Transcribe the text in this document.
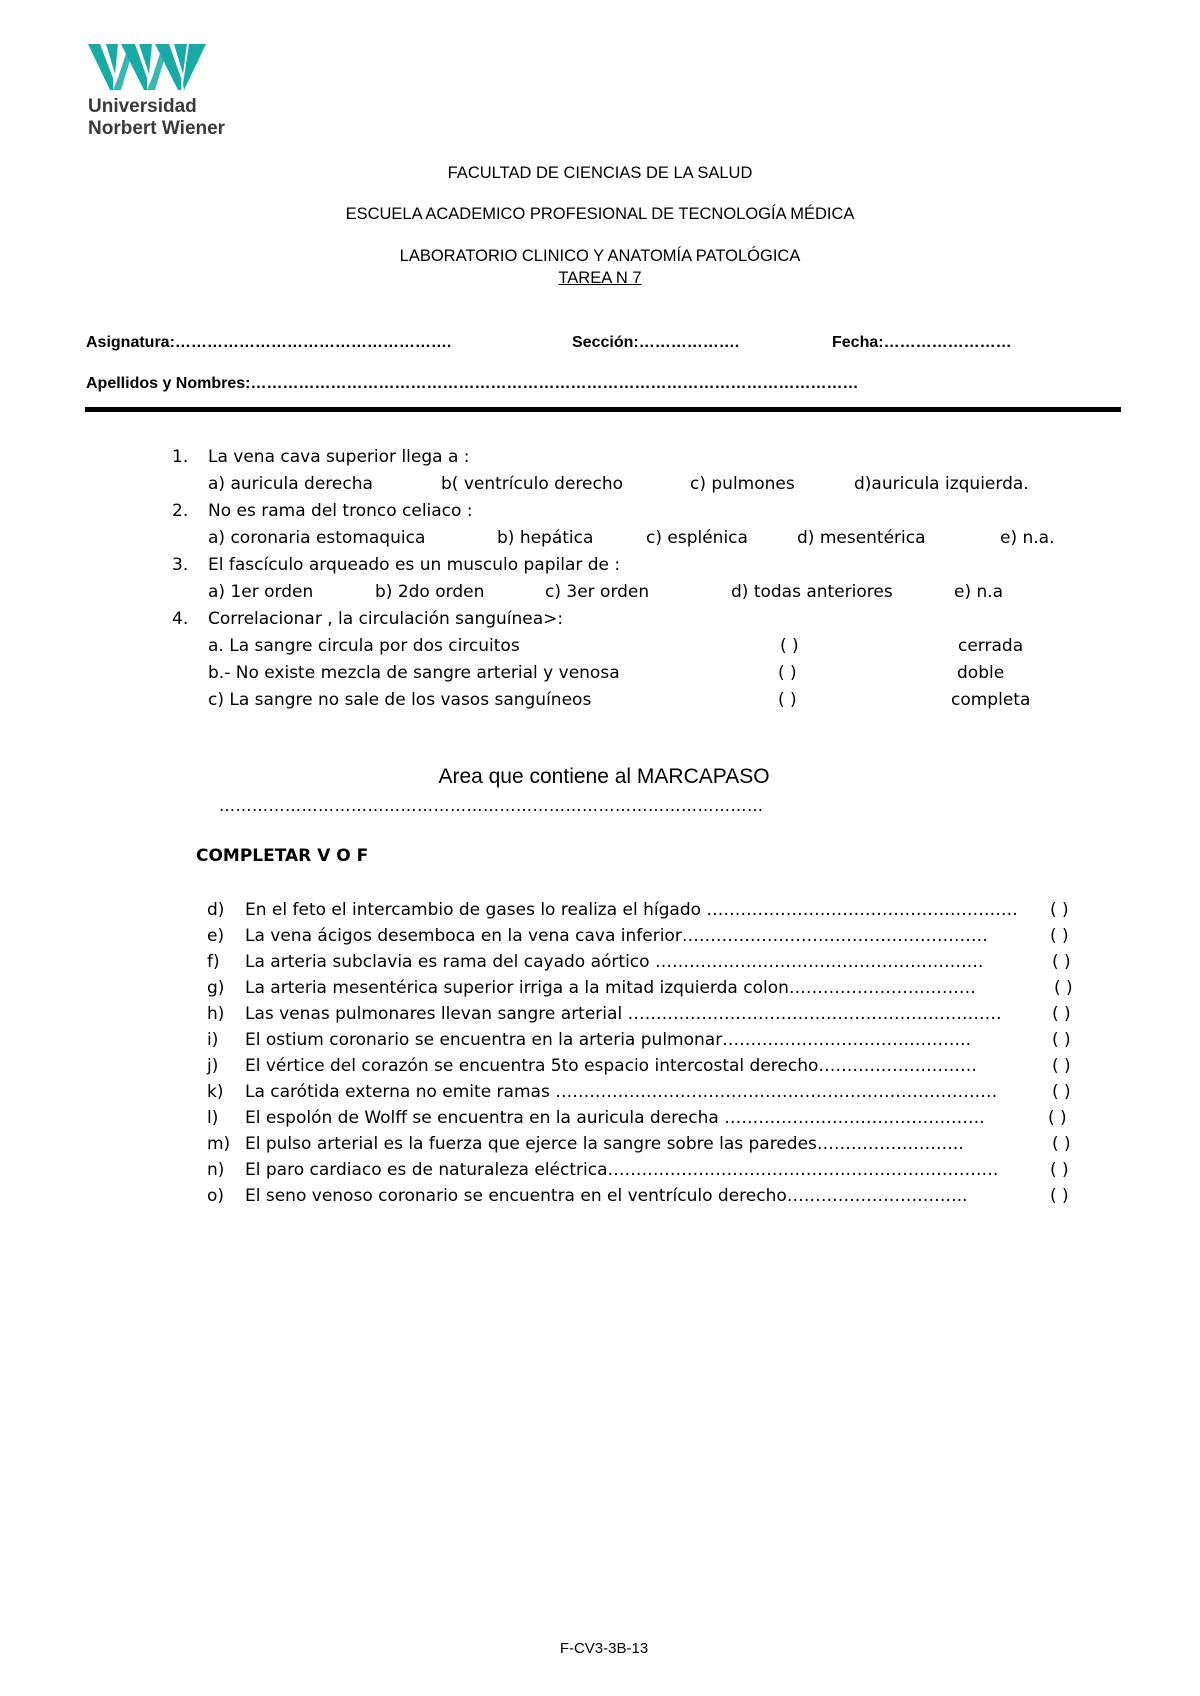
Universidad
Norbert Wiener
FACULTAD DE CIENCIAS DE LA SALUD
ESCUELA ACADEMICO PROFESIONAL DE TECNOLOGÍA MÉDICA
LABORATORIO CLINICO Y ANATOMÍA PATOLÓGICA
TAREA N 7
Asignatura:…………………………………………….	Sección:……………….	Fecha:……………………
Apellidos y Nombres:……………………………………………………………………………………………………
1. La vena cava superior llega a :
a) auricula derecha	b( ventrículo derecho	c) pulmones	d)auricula izquierda.
2. No es rama del tronco celiaco :
a) coronaria estomaquica	b) hepática	c) esplénica	d) mesentérica	e) n.a.
3. El fascículo arqueado es un musculo papilar de :
a) 1er orden	b) 2do orden	c) 3er orden	d) todas anteriores	e) n.a
4. Correlacionar , la circulación sanguínea>:
a. La sangre circula por dos circuitos	( )	cerrada
b.- No existe mezcla de sangre arterial y venosa	( )	doble
c) La sangre no sale de los vasos sanguíneos	( )	completa
Area que contiene al MARCAPASO
………………………………………………………………………………………
COMPLETAR V O F
d) En el feto el intercambio de gases lo realiza el hígado ………………….…………………………… ( )
e) La vena ácigos desemboca en la vena cava inferior………………………………………………	( )
f) La arteria subclavia es rama del cayado aórtico ………………………………………………….	( )
g) La arteria mesentérica superior irriga a la mitad izquierda colon……………………………	( )
h) Las venas pulmonares llevan sangre arterial …………………………………………………………	( )
i) El ostium coronario se encuentra en la arteria pulmonar……………………………………..	( )
j) El vértice del corazón se encuentra 5to espacio intercostal derecho……………………….	( )
k) La carótida externa no emite ramas ……………………………………………………………………	( )
l) El espolón de Wolff se encuentra en la auricula derecha ……………………………………….	( )
m) El pulso arterial es la fuerza que ejerce la sangre sobre las paredes……………………..	( )
n) El paro cardiaco es de naturaleza eléctrica……………………………………………………………	( )
o) El seno venoso coronario se encuentra en el ventrículo derecho…………………………..	( )
F-CV3-3B-13
